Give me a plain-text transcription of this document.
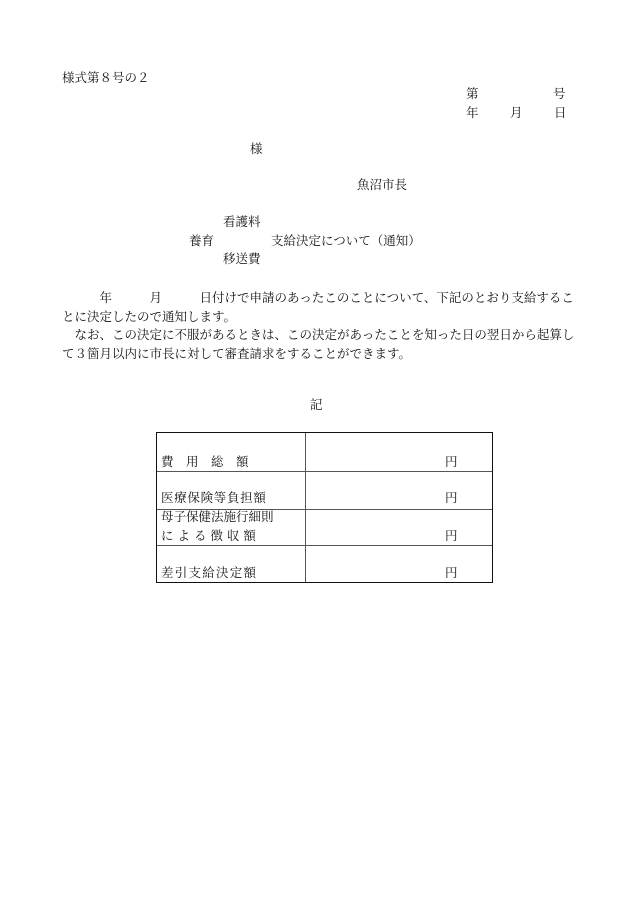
様式第８号の２
第	号
年	月	日
様
魚沼市長
看護料
養育	支給決定について（通知）
移送費

　　　年　　　月　　　日付けで申請のあったこのことについて、下記のとおり支給することに決定したので通知します。

　なお、この決定に不服があるときは、この決定があったことを知った日の翌日から起算して３箇月以内に市長に対して審査請求をすることができます。

記
費　用　総　額	円
医療保険等負担額	円
母子保健法施行細則
に よ る 徴 収 額	円
差引支給決定額	円
